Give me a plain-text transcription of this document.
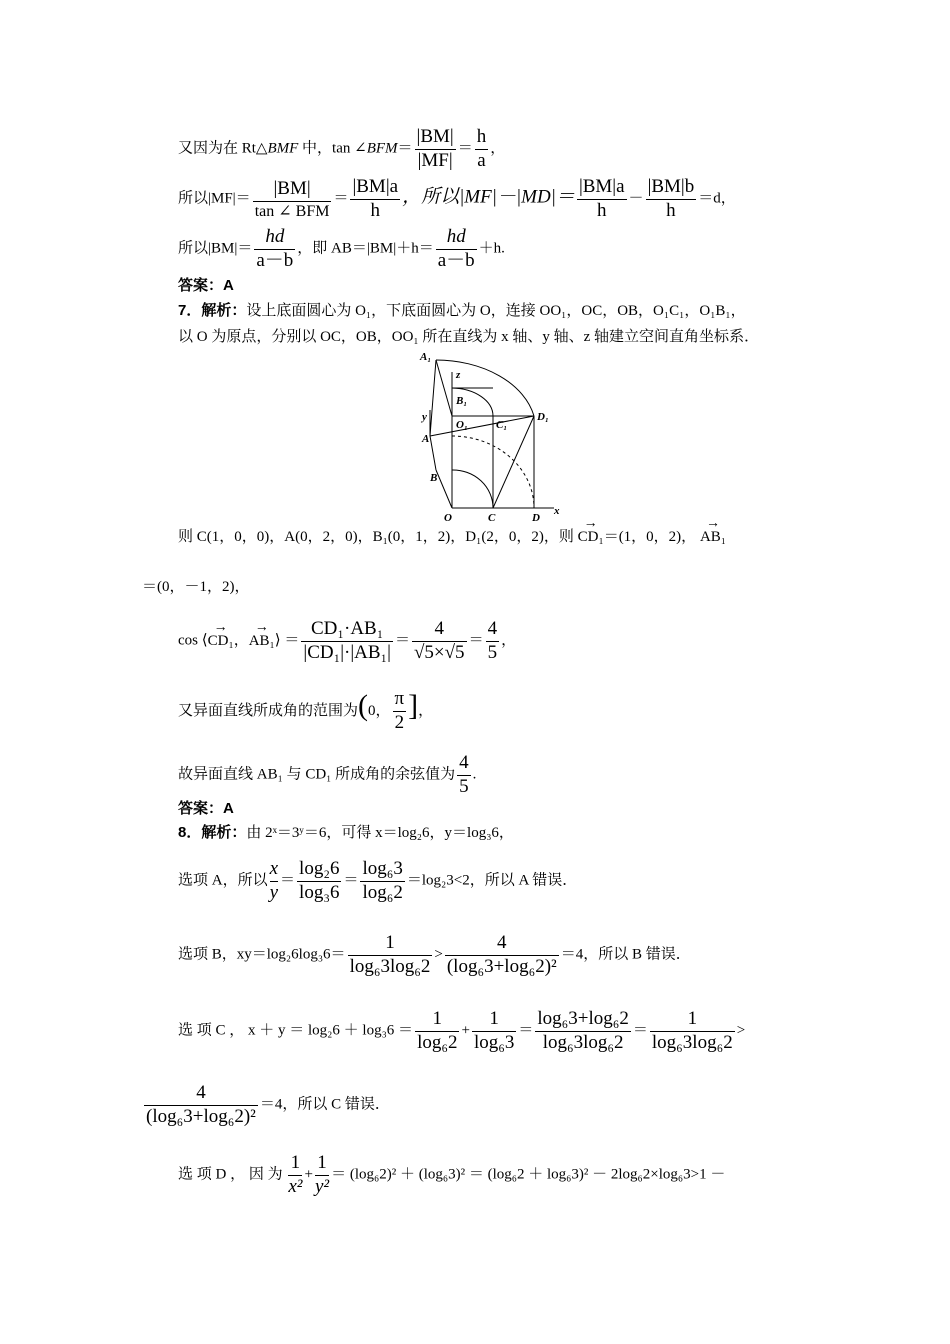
又因为在 Rt△BMF 中，tan ∠BFM＝ $\frac{|BM|}{|MF|} = \frac{h}{a}$ ，
所以$|MF|= \frac{|BM|}{\text{tan ∠ BFM}} = \frac{|BM|a}{h}$ ，所以$|MF|-|MD|= \frac{|BM|a}{h} - \frac{|BM|b}{h} =d$，
所以$|BM|= \frac{hd}{a-b}$ ，即 $AB=|BM|+h= \frac{hd}{a-b} +h$.
答案：A
7．解析：设上底面圆心为 O₁，下底面圆心为 O，连接 OO₁，OC，OB，O₁C₁，O₁B₁，
以 O 为原点，分别以 OC，OB，OO₁ 所在直线为 x 轴、y 轴、z 轴建立空间直角坐标系．
A₁
z
B₁
O₁	C₁
D₁
y
A
B
O	C	D
x
则 C(1，0，0)，A(0，2，0)，B₁(0，1，2)，D₁(2，0，2)，则 → CD₁＝(1，0，2)， → AB₁
＝(0，－1，2)，
cos ⟨→ CD₁，→ AB₁⟩ ＝ $\frac{\text{CD₁·AB₁}}{\text{|CD₁|·|AB₁|}} = \frac{4}{√5\times√5} = \frac{4}{5}$ ，
又异面直线所成角的范围为(0， $\frac{\pi}{2}$ ]，
故异面直线 AB₁ 与 CD₁ 所成角的余弦值为 $\frac{4}{5}$ .
答案：A
8．解析：由 2ˣ＝3ʸ＝6，可得 x＝log₂6，y＝log₃6，
选项 A，所以 $\frac{x}{y} = \frac{\text{log₂6}}{\text{log₃6}} = \frac{\text{log₆3}}{\text{log₆2}} =\log_23<2$，所以 A 错误．
选项 B，$xy=\log_26\log_36= \frac{1}{\text{log₆3log₆2}} > \frac{4}{\text{(log₆3+log₆2)²}} =4$，所以 B 错误．
选 项 C ， $x + y = \log_26 + \log_36 = \frac{1}{\text{log₆2}} + \frac{1}{\text{log₆3}} = \frac{\text{log₆3+log₆2}}{\text{log₆3log₆2}} = \frac{1}{\text{log₆3log₆2}}$ >
$\frac{4}{\text{(log₆3+log₆2)²}} =4$，所以 C 错误．
选 项 D ， 因 为 $\frac{1}{\text{x²}} + \frac{1}{\text{y²}} = (\log_62)^2 + (\log_63)^2 = (\log_62 + \log_63)^2 - 2\log_62\times\log_63>1$ －
